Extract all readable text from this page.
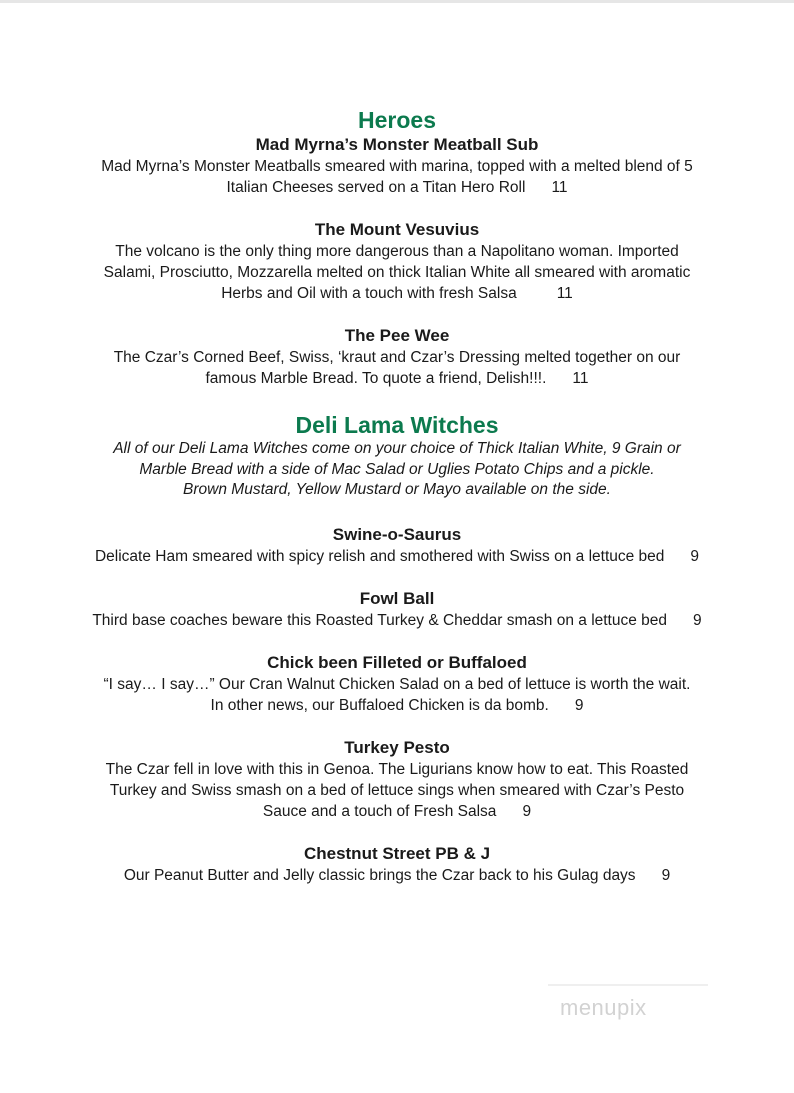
Heroes

Mad Myrna’s Monster Meatball Sub

Mad Myrna’s Monster Meatballs smeared with marina, topped with a melted blend of 5
Italian Cheeses served on a Titan Hero Roll 11

The Mount Vesuvius

The volcano is the only thing more dangerous than a Napolitano woman. Imported
Salami, Prosciutto, Mozzarella melted on thick Italian White all smeared with aromatic
Herbs and Oil with a touch with fresh Salsa	11

The Pee Wee

The Czar’s Corned Beef, Swiss, ‘kraut and Czar’s Dressing melted together on our
famous Marble Bread. To quote a friend, Delish!!!. 11

Deli Lama Witches

All of our Deli Lama Witches come on your choice of Thick Italian White, 9 Grain or
Marble Bread with a side of Mac Salad or Uglies Potato Chips and a pickle.
Brown Mustard, Yellow Mustard or Mayo available on the side.

Swine-o-Saurus

Delicate Ham smeared with spicy relish and smothered with Swiss on a lettuce bed 9

Fowl Ball

Third base coaches beware this Roasted Turkey & Cheddar smash on a lettuce bed 9

Chick been Filleted or Buffaloed

“I say… I say…” Our Cran Walnut Chicken Salad on a bed of lettuce is worth the wait.
In other news, our Buffaloed Chicken is da bomb. 9

Turkey Pesto

The Czar fell in love with this in Genoa. The Ligurians know how to eat. This Roasted
Turkey and Swiss smash on a bed of lettuce sings when smeared with Czar’s Pesto
Sauce and a touch of Fresh Salsa 9

Chestnut Street PB & J

Our Peanut Butter and Jelly classic brings the Czar back to his Gulag days 9

menupix
